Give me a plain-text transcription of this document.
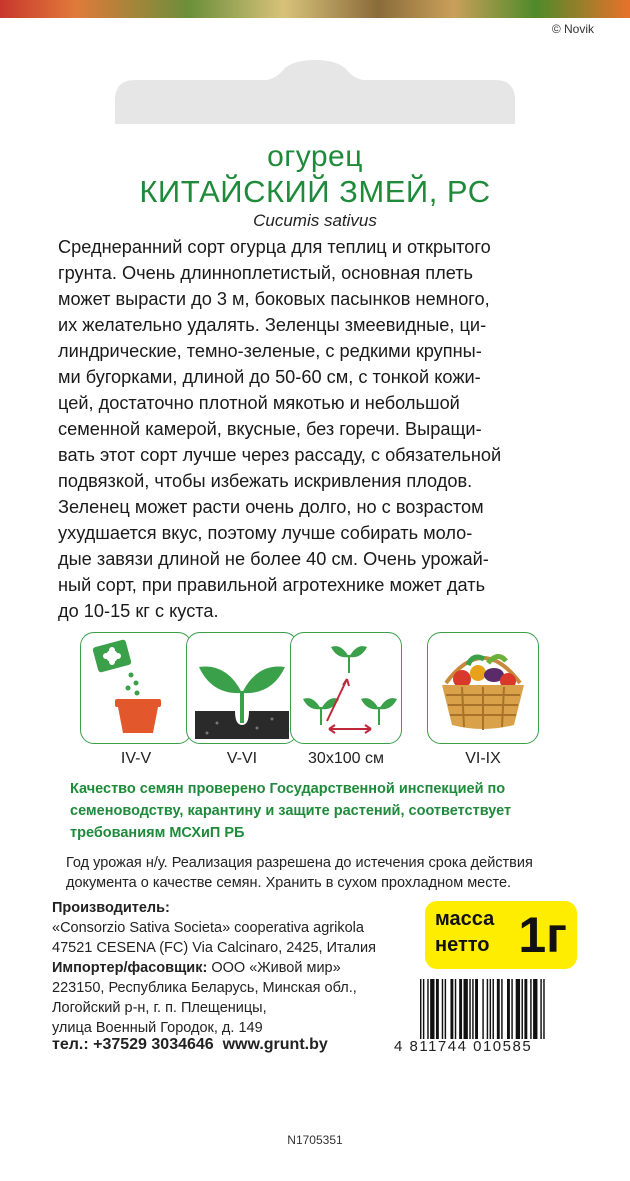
© Novik
огурец
КИТАЙСКИЙ ЗМЕЙ, РС
Cucumis sativus
Среднеранний сорт огурца для теплиц и открытого
грунта. Очень длинноплетистый, основная плеть
может вырасти до 3 м, боковых пасынков немного,
их желательно удалять. Зеленцы змеевидные, ци-
линдрические, темно-зеленые, с редкими крупны-
ми бугорками, длиной до 50-60 см, с тонкой кожи-
цей, достаточно плотной мякотью и небольшой
семенной камерой, вкусные, без горечи. Выращи-
вать этот сорт лучше через рассаду, с обязательной
подвязкой, чтобы избежать искривления плодов.
Зеленец может расти очень долго, но с возрастом
ухудшается вкус, поэтому лучше собирать моло-
дые завязи длиной не более 40 см. Очень урожай-
ный сорт, при правильной агротехнике может дать
до 10-15 кг с куста.
IV-V	V-VI	30x100 см	VI-IX
Качество семян проверено Государственной инспекцией по
семеноводству, карантину и защите растений, соответствует
требованиям МСХиП РБ
Год урожая н/у. Реализация разрешена до истечения срока действия
документа о качестве семян. Хранить в сухом прохладном месте.
Производитель:
«Consorzio Sativa Societa» cooperativa agrikola
47521 CESENA (FC) Via Calcinaro, 2425, Италия
Импортер/фасовщик: ООО «Живой мир»
223150, Республика Беларусь, Минская обл.,
Логойский р-н, г. п. Плещеницы,
улица Военный Городок, д. 149
тел.: +37529 3034646  www.grunt.by
масса
нетто 1г
4 811744 010585
N1705351
